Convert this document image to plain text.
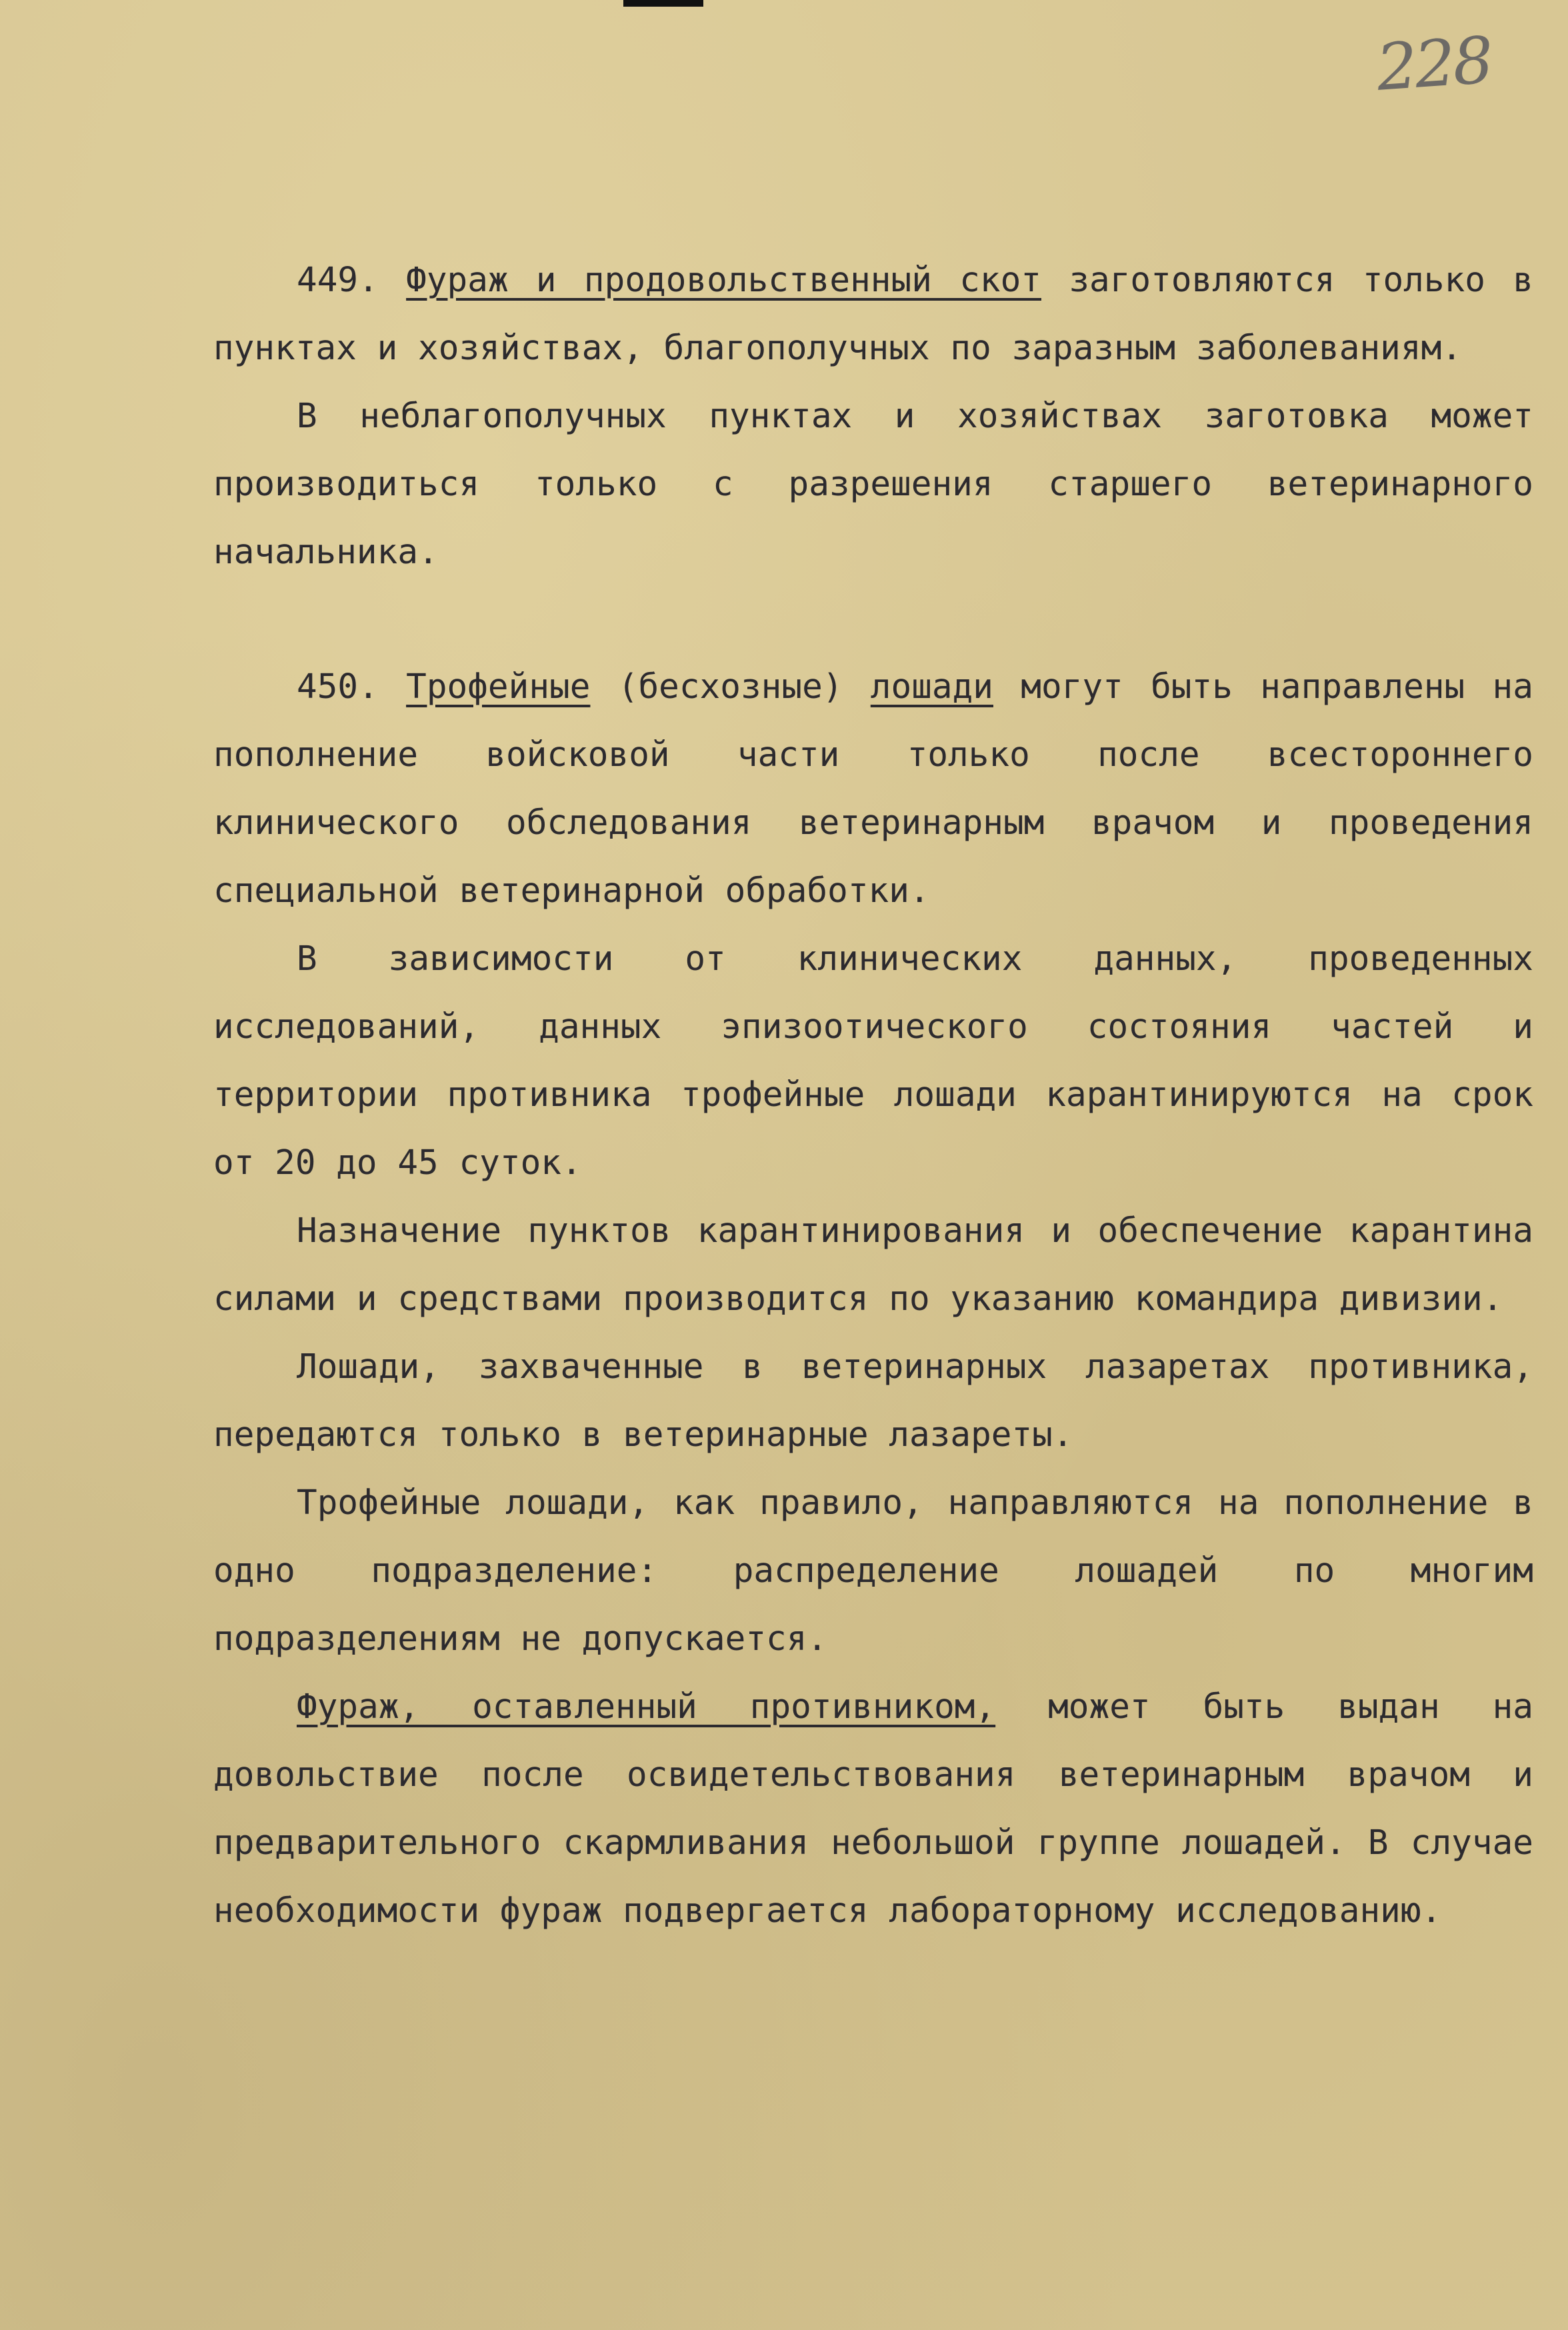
228

449. Фураж и продовольственный скот заготовляются только в пунктах и хозяйствах, благополучных по заразным заболеваниям.

В неблагополучных пунктах и хозяйствах заготовка может производиться только с разрешения старшего ветеринарного начальника.

450. Трофейные (бесхозные) лошади могут быть направлены на пополнение войсковой части только после всестороннего клинического обследования ветеринарным врачом и проведения специальной ветеринарной обработки.

В зависимости от клинических данных, проведенных исследований, данных эпизоотического состояния частей и территории противника трофейные лошади карантинируются на срок от 20 до 45 суток.

Назначение пунктов карантинирования и обеспечение карантина силами и средствами производится по указанию командира дивизии.

Лошади, захваченные в ветеринарных лазаретах противника, передаются только в ветеринарные лазареты.

Трофейные лошади, как правило, направляются на пополнение в одно подразделение: распределение лошадей по многим подразделениям не допускается.

Фураж, оставленный противником, может быть выдан на довольствие после освидетельствования ветеринарным врачом и предварительного скармливания небольшой группе лошадей. В случае необходимости фураж подвергается лабораторному исследованию.
